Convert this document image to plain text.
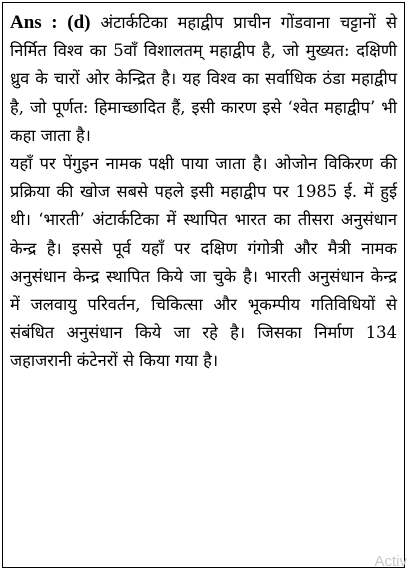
Ans : (d) अंटार्कटिका महाद्वीप प्राचीन गोंडवाना चट्टानों से निर्मित विश्व का 5वाँ विशालतम् महाद्वीप है, जो मुख्यत: दक्षिणी ध्रुव के चारों ओर केन्द्रित है। यह विश्व का सर्वाधिक ठंडा महाद्वीप है, जो पूर्णत: हिमाच्छादित हैं, इसी कारण इसे ‘श्वेत महाद्वीप’ भी कहा जाता है।

यहाँ पर पेंगुइन नामक पक्षी पाया जाता है। ओजोन विकिरण की प्रक्रिया की खोज सबसे पहले इसी महाद्वीप पर 1985 ई. में हुई थी। ‘भारती’ अंटार्कटिका में स्थापित भारत का तीसरा अनुसंधान केन्द्र है। इससे पूर्व यहाँ पर दक्षिण गंगोत्री और मैत्री नामक अनुसंधान केन्द्र स्थापित किये जा चुके है। भारती अनुसंधान केन्द्र में जलवायु परिवर्तन, चिकित्सा और भूकम्पीय गतिविधियों से संबंधित अनुसंधान किये जा रहे है। जिसका निर्माण 134 जहाजरानी कंटेनरों से किया गया है।

Activ
